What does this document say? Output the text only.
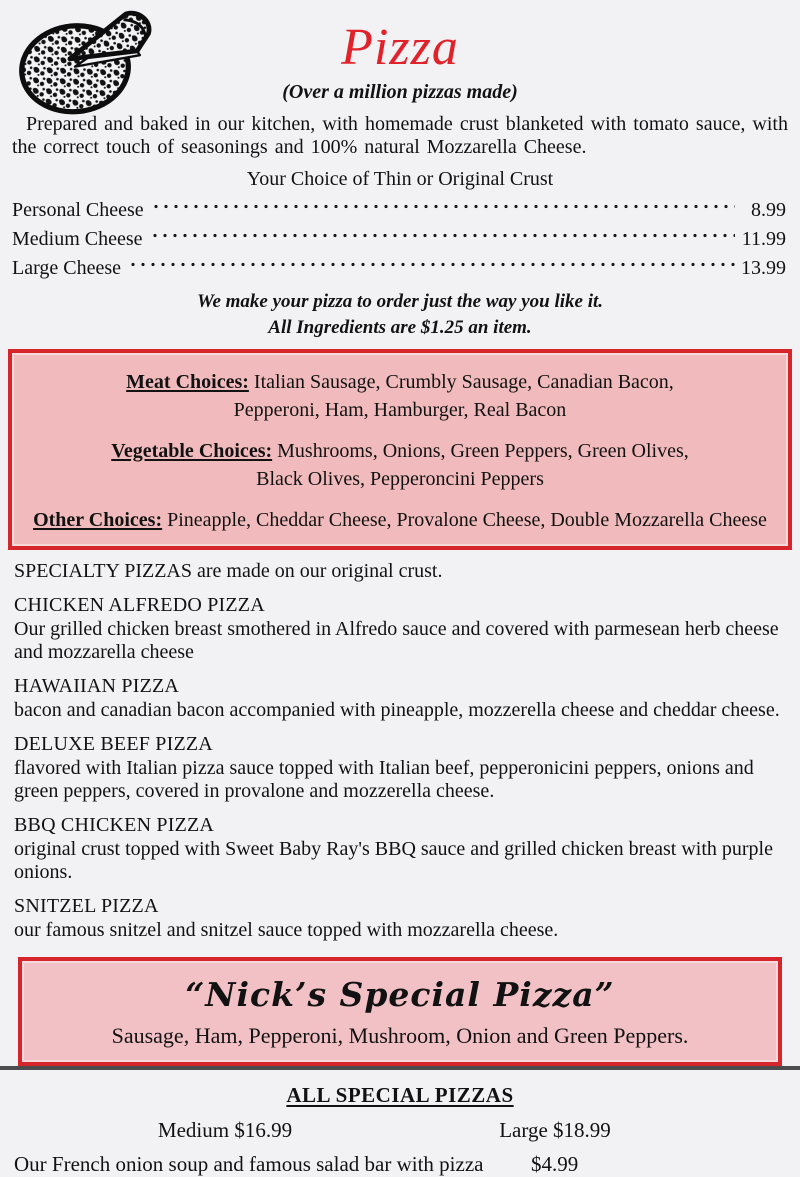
Pizza
(Over a million pizzas made)

Prepared and baked in our kitchen, with homemade crust blanketed with tomato sauce, with the correct touch of seasonings and 100% natural Mozzarella Cheese.

Your Choice of Thin or Original Crust
Personal Cheese	8.99
Medium Cheese	11.99
Large Cheese	13.99
We make your pizza to order just the way you like it.
All Ingredients are $1.25 an item.
Meat Choices: Italian Sausage, Crumbly Sausage, Canadian Bacon,
Pepperoni, Ham, Hamburger, Real Bacon
Vegetable Choices: Mushrooms, Onions, Green Peppers, Green Olives,
Black Olives, Pepperoncini Peppers
Other Choices: Pineapple, Cheddar Cheese, Provalone Cheese, Double Mozzarella Cheese
SPECIALTY PIZZAS are made on our original crust.
CHICKEN ALFREDO PIZZA
Our grilled chicken breast smothered in Alfredo sauce and covered with parmesean herb cheese and mozzarella cheese
HAWAIIAN PIZZA
bacon and canadian bacon accompanied with pineapple, mozzerella cheese and cheddar cheese.
DELUXE BEEF PIZZA
flavored with Italian pizza sauce topped with Italian beef, pepperonicini peppers, onions and green peppers, covered in provalone and mozzerella cheese.
BBQ CHICKEN PIZZA
original crust topped with Sweet Baby Ray's BBQ sauce and grilled chicken breast with purple onions.
SNITZEL PIZZA
our famous snitzel and snitzel sauce topped with mozzarella cheese.
“Nick’s Special Pizza”
Sausage, Ham, Pepperoni, Mushroom, Onion and Green Peppers.
ALL SPECIAL PIZZAS
Medium $16.99	Large $18.99
Our French onion soup and famous salad bar with pizza $4.99
